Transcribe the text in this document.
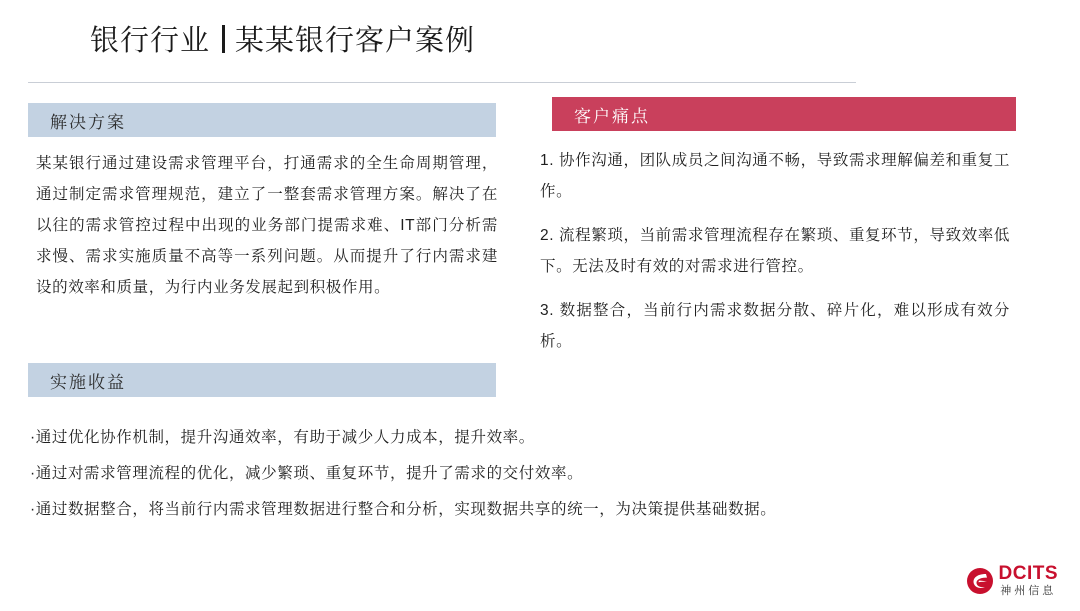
银行行业 某某银行客户案例
解决方案
某某银行通过建设需求管理平台，打通需求的全生命周期管理，通过制定需求管理规范，建立了一整套需求管理方案。解决了在以往的需求管控过程中出现的业务部门提需求难、IT部门分析需求慢、需求实施质量不高等一系列问题。从而提升了行内需求建设的效率和质量，为行内业务发展起到积极作用。
客户痛点
1. 协作沟通，团队成员之间沟通不畅，导致需求理解偏差和重复工作。
2. 流程繁琐，当前需求管理流程存在繁琐、重复环节，导致效率低下。无法及时有效的对需求进行管控。
3. 数据整合，当前行内需求数据分散、碎片化，难以形成有效分析。
实施收益
·通过优化协作机制，提升沟通效率，有助于减少人力成本，提升效率。
·通过对需求管理流程的优化，减少繁琐、重复环节，提升了需求的交付效率。
·通过数据整合，将当前行内需求管理数据进行整合和分析，实现数据共享的统一，为决策提供基础数据。
DCITS
神州信息
